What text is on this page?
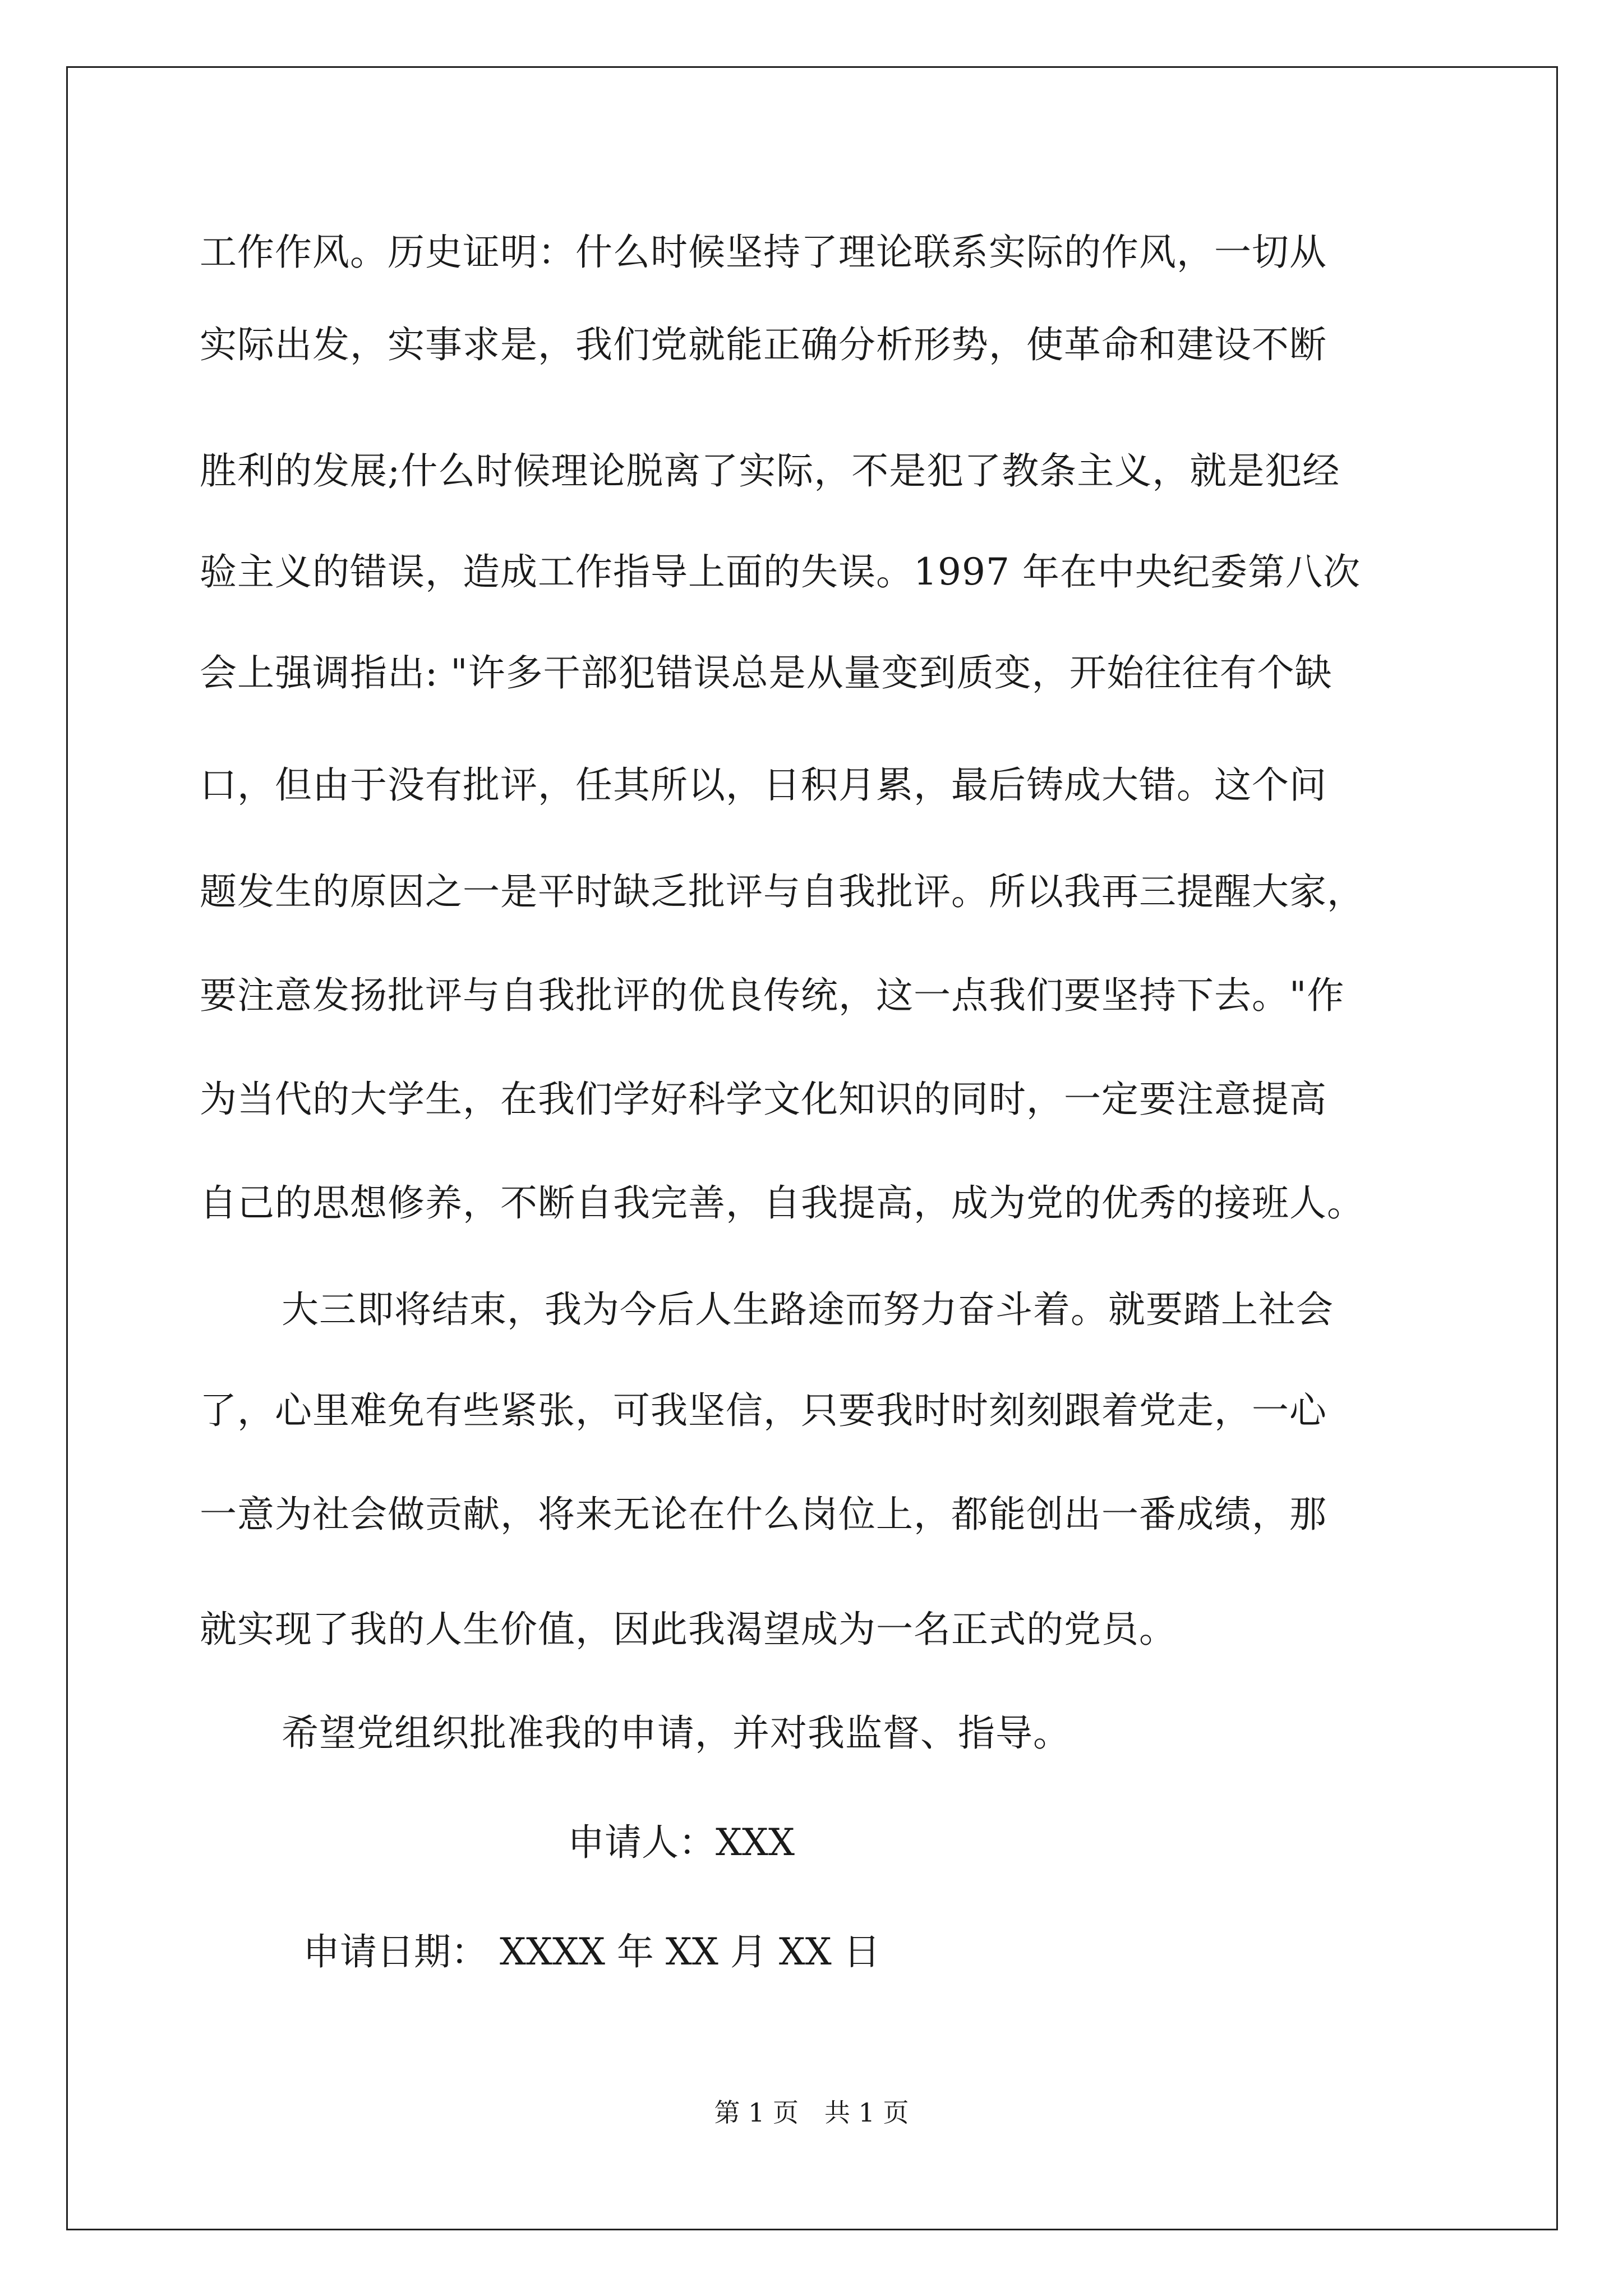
工作作风。历史证明：什么时候坚持了理论联系实际的作风，一切从
实际出发，实事求是，我们党就能正确分析形势，使革命和建设不断
胜利的发展;什么时候理论脱离了实际，不是犯了教条主义，就是犯经
验主义的错误，造成工作指导上面的失误。1997 年在中央纪委第八次
会上强调指出: "许多干部犯错误总是从量变到质变，开始往往有个缺
口，但由于没有批评，任其所以，日积月累，最后铸成大错。这个问
题发生的原因之一是平时缺乏批评与自我批评。所以我再三提醒大家，
要注意发扬批评与自我批评的优良传统，这一点我们要坚持下去。"作
为当代的大学生，在我们学好科学文化知识的同时，一定要注意提高
自己的思想修养，不断自我完善，自我提高，成为党的优秀的接班人。
大三即将结束，我为今后人生路途而努力奋斗着。就要踏上社会
了，心里难免有些紧张，可我坚信，只要我时时刻刻跟着党走，一心
一意为社会做贡献，将来无论在什么岗位上，都能创出一番成绩，那
就实现了我的人生价值，因此我渴望成为一名正式的党员。
希望党组织批准我的申请，并对我监督、指导。
申请人：XXX
申请日期： XXXX 年 XX 月 XX 日
第 1 页　共 1 页
